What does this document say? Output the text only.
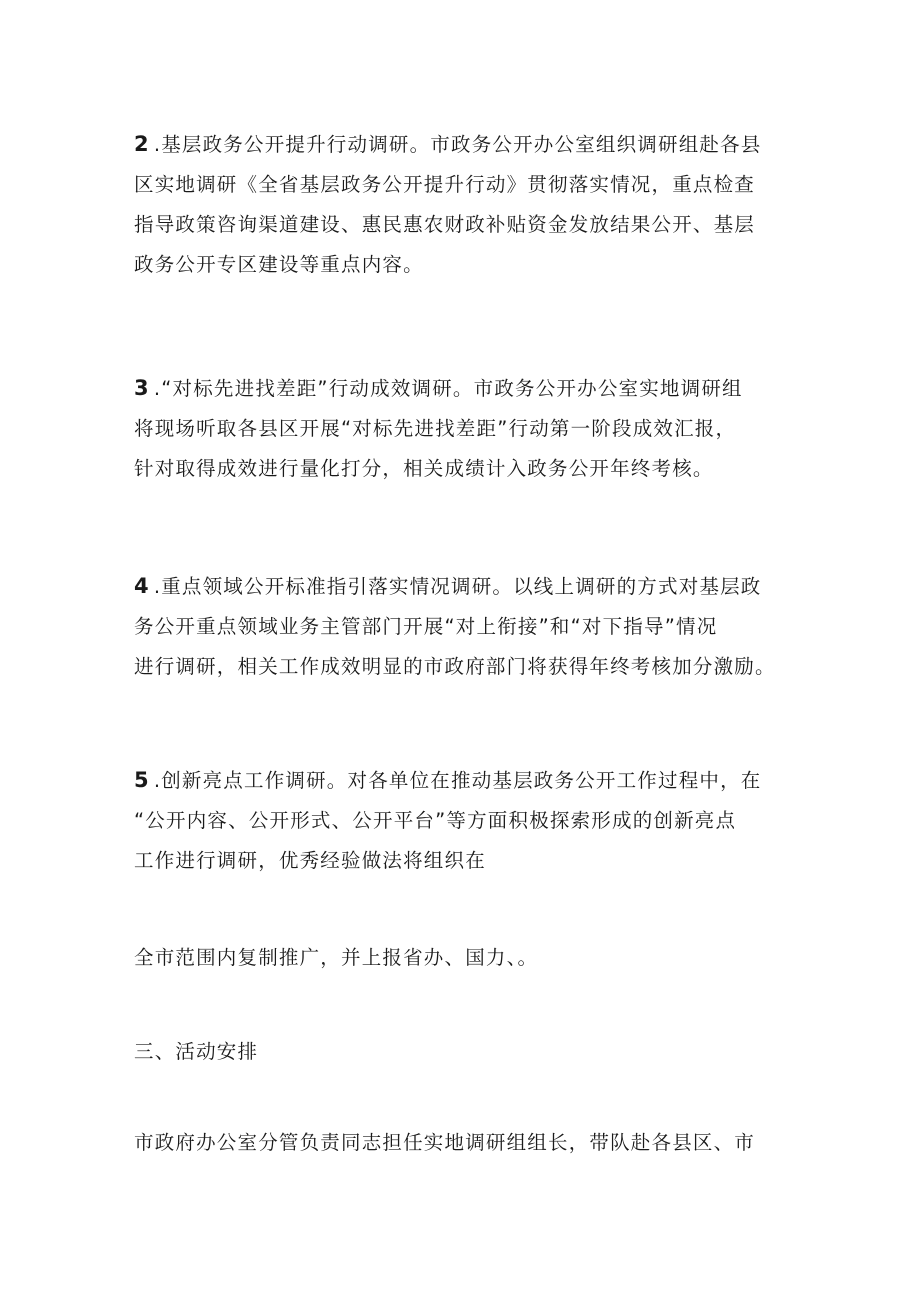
2 .基层政务公开提升行动调研。市政务公开办公室组织调研组赴各县
区实地调研《全省基层政务公开提升行动》贯彻落实情况，重点检查
指导政策咨询渠道建设、惠民惠农财政补贴资金发放结果公开、基层
政务公开专区建设等重点内容。
3 .“对标先进找差距”行动成效调研。市政务公开办公室实地调研组
将现场听取各县区开展“对标先进找差距”行动第一阶段成效汇报，
针对取得成效进行量化打分，相关成绩计入政务公开年终考核。
4 .重点领域公开标准指引落实情况调研。以线上调研的方式对基层政
务公开重点领域业务主管部门开展“对上衔接”和“对下指导”情况
进行调研，相关工作成效明显的市政府部门将获得年终考核加分激励。
5 .创新亮点工作调研。对各单位在推动基层政务公开工作过程中，在
“公开内容、公开形式、公开平台”等方面积极探索形成的创新亮点
工作进行调研，优秀经验做法将组织在
全市范围内复制推广，并上报省办、国力、。
三、活动安排
市政府办公室分管负责同志担任实地调研组组长，带队赴各县区、市
